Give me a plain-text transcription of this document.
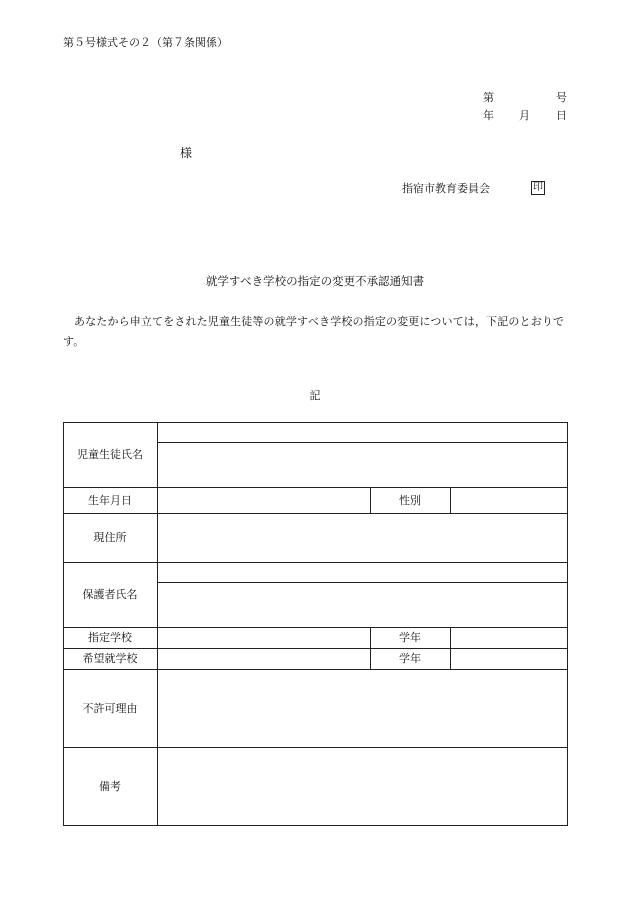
第５号様式その２（第７条関係）
第	号
年 月 日
様
指宿市教育委員会	印
就学すべき学校の指定の変更不承認通知書
あなたから申立てをされた児童生徒等の就学すべき学校の指定の変更については，下記のとおりです。
記
児童生徒氏名
生年月日	性別
現住所
保護者氏名
指定学校	学年
希望就学校	学年
不許可理由
備考
